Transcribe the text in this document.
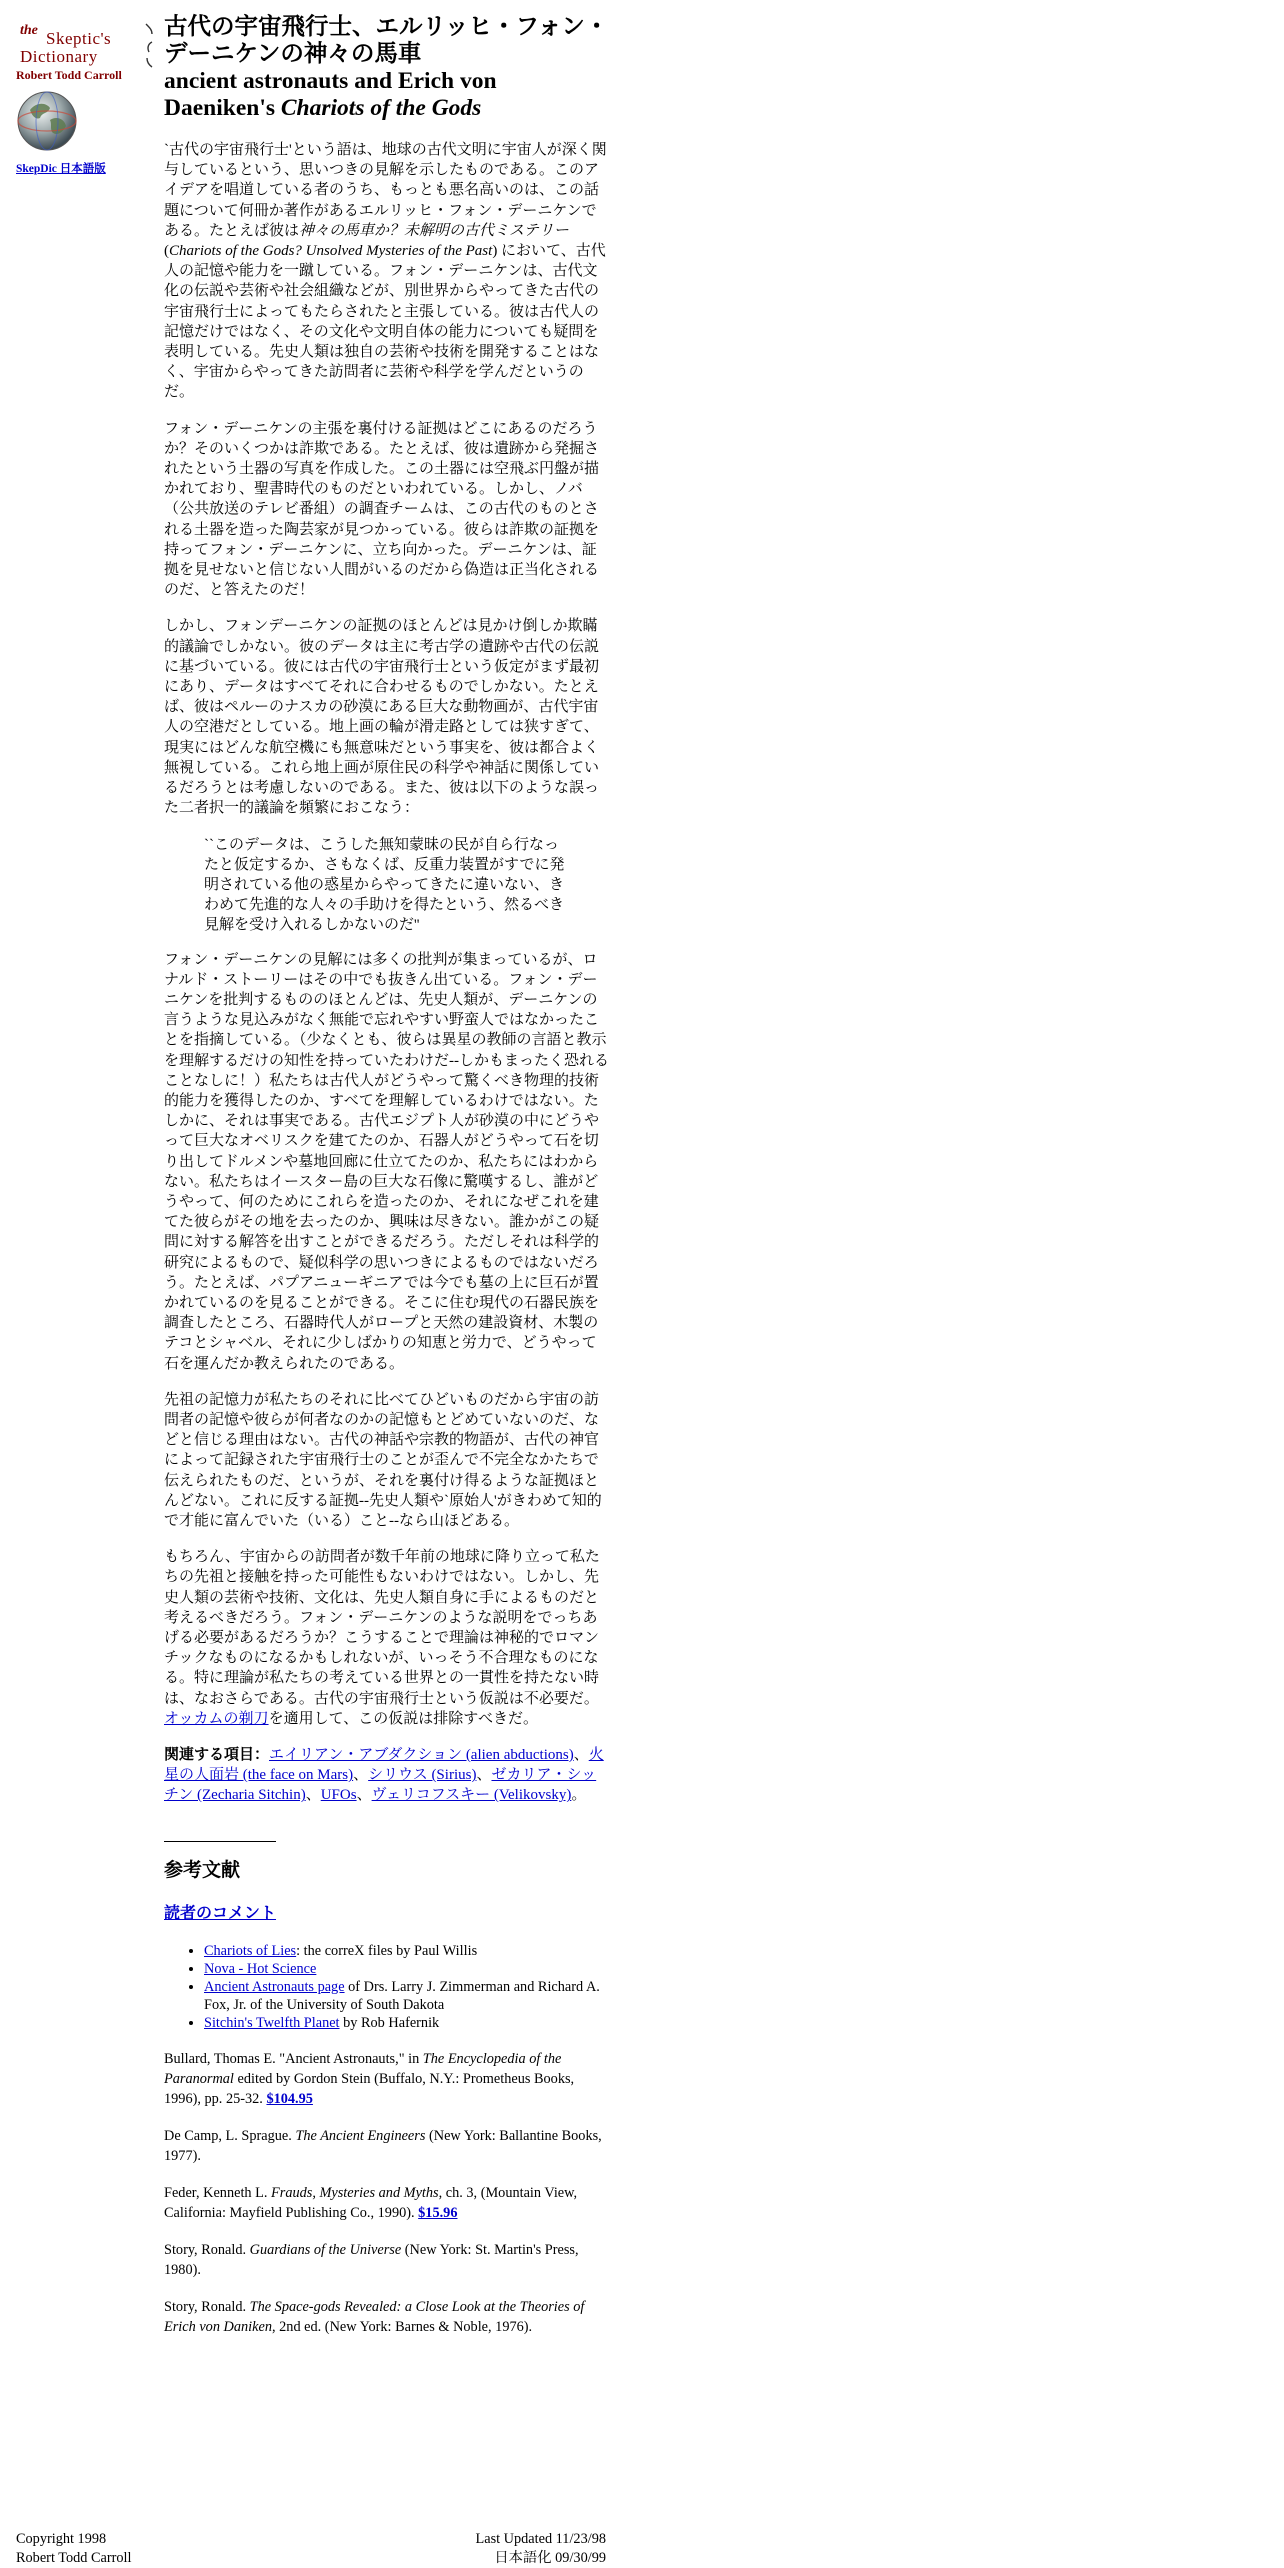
the Skeptic's
Dictionary
Robert Todd Carroll
SkepDic 日本語版
古代の宇宙飛行士、エルリッヒ・フォン・デーニケンの神々の馬車
ancient astronauts and Erich von Daeniken's Chariots of the Gods

`古代の宇宙飛行士'という語は、地球の古代文明に宇宙人が深く関与しているという、思いつきの見解を示したものである。このアイデアを唱道している者のうち、もっとも悪名高いのは、この話題について何冊か著作があるエルリッヒ・フォン・デーニケンである。たとえば彼は神々の馬車か？未解明の古代ミステリー(Chariots of the Gods? Unsolved Mysteries of the Past) において、古代人の記憶や能力を一蹴している。フォン・デーニケンは、古代文化の伝説や芸術や社会組織などが、別世界からやってきた古代の宇宙飛行士によってもたらされたと主張している。彼は古代人の記憶だけではなく、その文化や文明自体の能力についても疑問を表明している。先史人類は独自の芸術や技術を開発することはなく、宇宙からやってきた訪問者に芸術や科学を学んだというのだ。

フォン・デーニケンの主張を裏付ける証拠はどこにあるのだろうか？そのいくつかは詐欺である。たとえば、彼は遺跡から発掘されたという土器の写真を作成した。この土器には空飛ぶ円盤が描かれており、聖書時代のものだといわれている。しかし、ノバ（公共放送のテレビ番組）の調査チームは、この古代のものとされる土器を造った陶芸家が見つかっている。彼らは詐欺の証拠を持ってフォン・デーニケンに、立ち向かった。デーニケンは、証拠を見せないと信じない人間がいるのだから偽造は正当化されるのだ、と答えたのだ！

しかし、フォンデーニケンの証拠のほとんどは見かけ倒しか欺瞞的議論でしかない。彼のデータは主に考古学の遺跡や古代の伝説に基づいている。彼には古代の宇宙飛行士という仮定がまず最初にあり、データはすべてそれに合わせるものでしかない。たとえば、彼はペルーのナスカの砂漠にある巨大な動物画が、古代宇宙人の空港だとしている。地上画の輪が滑走路としては狭すぎて、現実にはどんな航空機にも無意味だという事実を、彼は都合よく無視している。これら地上画が原住民の科学や神話に関係しているだろうとは考慮しないのである。また、彼は以下のような誤った二者択一的議論を頻繁におこなう：

``このデータは、こうした無知蒙昧の民が自ら行なったと仮定するか、さもなくば、反重力装置がすでに発明されている他の惑星からやってきたに違いない、きわめて先進的な人々の手助けを得たという、然るべき見解を受け入れるしかないのだ''

フォン・デーニケンの見解には多くの批判が集まっているが、ロナルド・ストーリーはその中でも抜きん出ている。フォン・デーニケンを批判するもののほとんどは、先史人類が、デーニケンの言うような見込みがなく無能で忘れやすい野蛮人ではなかったことを指摘している。（少なくとも、彼らは異星の教師の言語と教示を理解するだけの知性を持っていたわけだ--しかもまったく恐れることなしに！）私たちは古代人がどうやって驚くべき物理的技術的能力を獲得したのか、すべてを理解しているわけではない。たしかに、それは事実である。古代エジプト人が砂漠の中にどうやって巨大なオベリスクを建てたのか、石器人がどうやって石を切り出してドルメンや墓地回廊に仕立てたのか、私たちにはわからない。私たちはイースター島の巨大な石像に驚嘆するし、誰がどうやって、何のためにこれらを造ったのか、それになぜこれを建てた彼らがその地を去ったのか、興味は尽きない。誰かがこの疑問に対する解答を出すことができるだろう。ただしそれは科学的研究によるもので、疑似科学の思いつきによるものではないだろう。たとえば、パプアニューギニアでは今でも墓の上に巨石が置かれているのを見ることができる。そこに住む現代の石器民族を調査したところ、石器時代人がロープと天然の建設資材、木製のテコとシャベル、それに少しばかりの知恵と労力で、どうやって石を運んだか教えられたのである。

先祖の記憶力が私たちのそれに比べてひどいものだから宇宙の訪問者の記憶や彼らが何者なのかの記憶もとどめていないのだ、などと信じる理由はない。古代の神話や宗教的物語が、古代の神官によって記録された宇宙飛行士のことが歪んで不完全なかたちで伝えられたものだ、というが、それを裏付け得るような証拠ほとんどない。これに反する証拠--先史人類や`原始人'がきわめて知的で才能に富んでいた（いる）こと--なら山ほどある。

もちろん、宇宙からの訪問者が数千年前の地球に降り立って私たちの先祖と接触を持った可能性もないわけではない。しかし、先史人類の芸術や技術、文化は、先史人類自身に手によるものだと考えるべきだろう。フォン・デーニケンのような説明をでっちあげる必要があるだろうか？こうすることで理論は神秘的でロマンチックなものになるかもしれないが、いっそう不合理なものになる。特に理論が私たちの考えている世界との一貫性を持たない時は、なおさらである。古代の宇宙飛行士という仮説は不必要だ。オッカムの剃刀を適用して、この仮説は排除すべきだ。

関連する項目：エイリアン・アブダクション (alien abductions)、火星の人面岩 (the face on Mars)、シリウス (Sirius)、ゼカリア・シッチン (Zecharia Sitchin)、UFOs、ヴェリコフスキー (Velikovsky)。

参考文献
読者のコメント
• Chariots of Lies: the correX files by Paul Willis
• Nova - Hot Science
• Ancient Astronauts page of Drs. Larry J. Zimmerman and Richard A. Fox, Jr. of the University of South Dakota
• Sitchin's Twelfth Planet by Rob Hafernik

Bullard, Thomas E. "Ancient Astronauts," in The Encyclopedia of the Paranormal edited by Gordon Stein (Buffalo, N.Y.: Prometheus Books, 1996), pp. 25-32. $104.95

De Camp, L. Sprague. The Ancient Engineers (New York: Ballantine Books, 1977).

Feder, Kenneth L. Frauds, Mysteries and Myths, ch. 3, (Mountain View, California: Mayfield Publishing Co., 1990). $15.96

Story, Ronald. Guardians of the Universe (New York: St. Martin's Press, 1980).

Story, Ronald. The Space-gods Revealed: a Close Look at the Theories of Erich von Daniken, 2nd ed. (New York: Barnes & Noble, 1976).

Copyright 1998
Robert Todd Carroll
Last Updated 11/23/98
日本語化 09/30/99
